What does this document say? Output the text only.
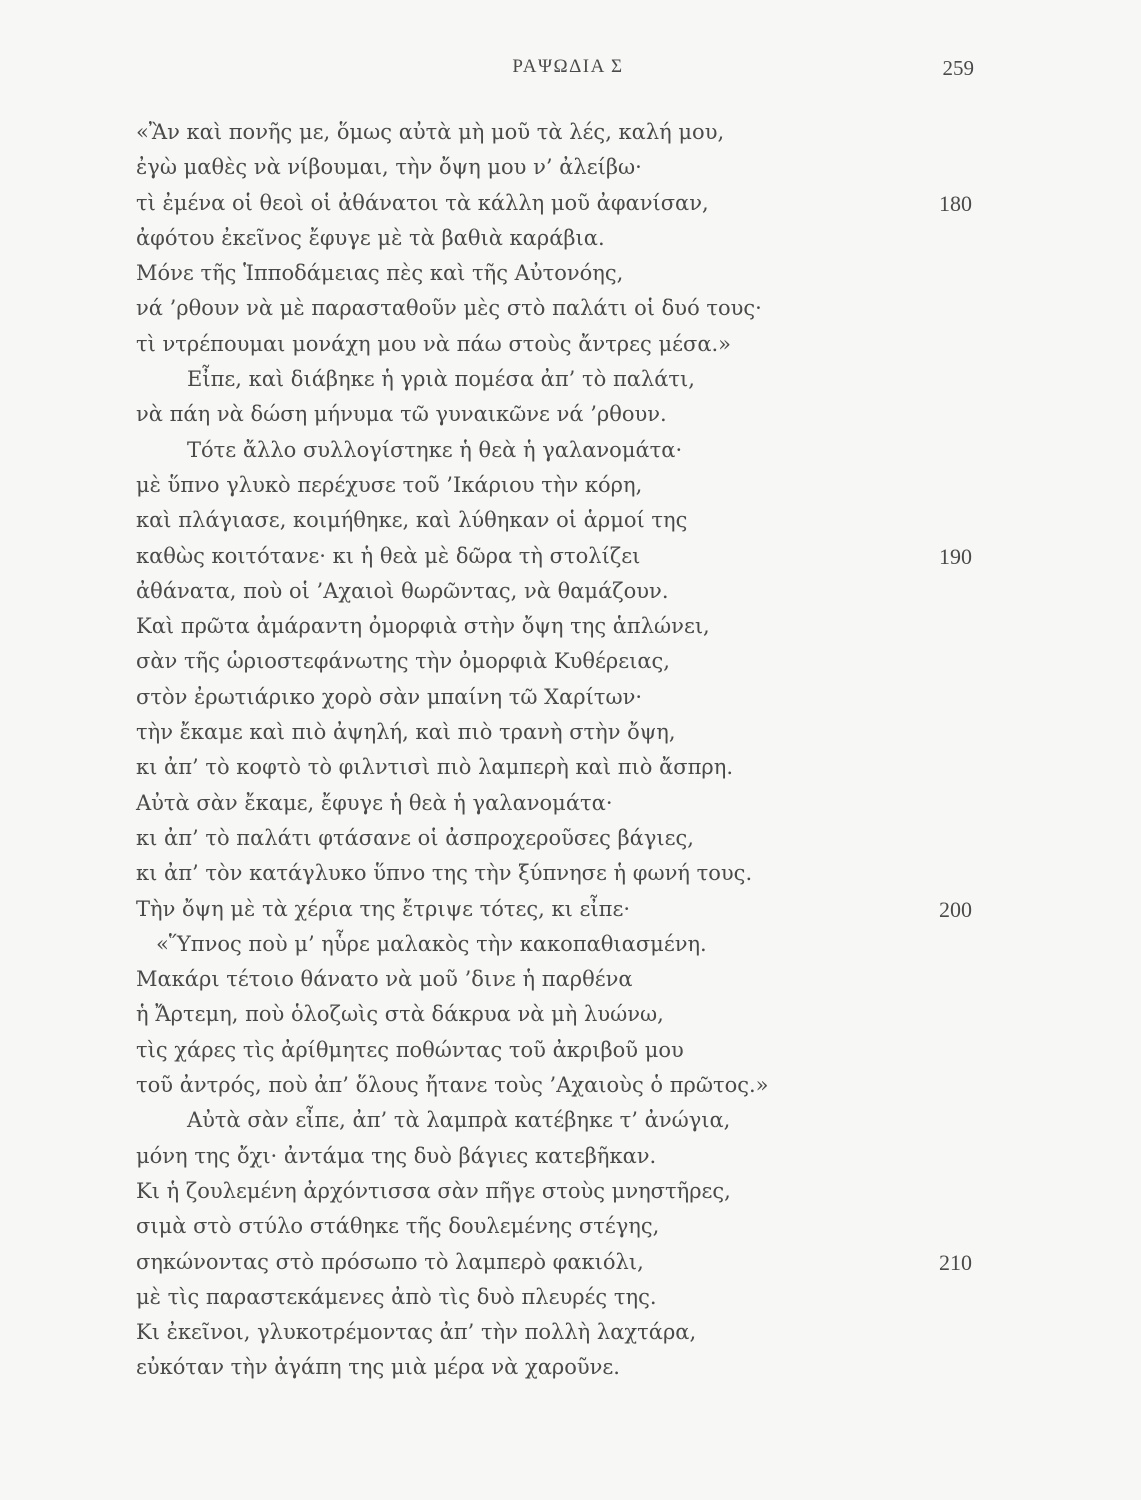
ΡΑΨΩΔΙΑ Σ	259
«Ἂν καὶ πονῆς με, ὅμως αὐτὰ μὴ μοῦ τὰ λές, καλή μου,
ἐγὼ μαθὲς νὰ νίβουμαι, τὴν ὄψη μου ν’ ἀλείβω·
τὶ ἐμένα οἱ θεοὶ οἱ ἀθάνατοι τὰ κάλλη μοῦ ἀφανίσαν,	180
ἀφότου ἐκεῖνος ἔφυγε μὲ τὰ βαθιὰ καράβια.
Μόνε τῆς Ἱπποδάμειας πὲς καὶ τῆς Αὐτονόης,
νά ’ρθουν νὰ μὲ παρασταθοῦν μὲς στὸ παλάτι οἱ δυό τους·
τὶ ντρέπουμαι μονάχη μου νὰ πάω στοὺς ἄντρες μέσα.»
Εἶπε, καὶ διάβηκε ἡ γριὰ πομέσα ἀπ’ τὸ παλάτι,
νὰ πάη νὰ δώση μήνυμα τῶ γυναικῶνε νά ’ρθουν.
Τότε ἄλλο συλλογίστηκε ἡ θεὰ ἡ γαλανομάτα·
μὲ ὕπνο γλυκὸ περέχυσε τοῦ ’Ικάριου τὴν κόρη,
καὶ πλάγιασε, κοιμήθηκε, καὶ λύθηκαν οἱ ἁρμοί της
καθὼς κοιτότανε· κι ἡ θεὰ μὲ δῶρα τὴ στολίζει	190
ἀθάνατα, ποὺ οἱ ’Αχαιοὶ θωρῶντας, νὰ θαμάζουν.
Καὶ πρῶτα ἀμάραντη ὀμορφιὰ στὴν ὄψη της ἁπλώνει,
σὰν τῆς ὡριοστεφάνωτης τὴν ὀμορφιὰ Κυθέρειας,
στὸν ἐρωτιάρικο χορὸ σὰν μπαίνη τῶ Χαρίτων·
τὴν ἔκαμε καὶ πιὸ ἀψηλή, καὶ πιὸ τρανὴ στὴν ὄψη,
κι ἀπ’ τὸ κοφτὸ τὸ φιλντισὶ πιὸ λαμπερὴ καὶ πιὸ ἄσπρη.
Αὐτὰ σὰν ἔκαμε, ἔφυγε ἡ θεὰ ἡ γαλανομάτα·
κι ἀπ’ τὸ παλάτι φτάσανε οἱ ἀσπροχεροῦσες βάγιες,
κι ἀπ’ τὸν κατάγλυκο ὕπνο της τὴν ξύπνησε ἡ φωνή τους.
Τὴν ὄψη μὲ τὰ χέρια της ἔτριψε τότες, κι εἶπε·	200
«Ὕπνος ποὺ μ’ ηὗρε μαλακὸς τὴν κακοπαθιασμένη.
Μακάρι τέτοιο θάνατο νὰ μοῦ ’δινε ἡ παρθένα
ἡ Ἄρτεμη, ποὺ ὁλοζωὶς στὰ δάκρυα νὰ μὴ λυώνω,
τὶς χάρες τὶς ἀρίθμητες ποθώντας τοῦ ἀκριβοῦ μου
τοῦ ἀντρός, ποὺ ἀπ’ ὅλους ἤτανε τοὺς ’Αχαιοὺς ὁ πρῶτος.»
Αὐτὰ σὰν εἶπε, ἀπ’ τὰ λαμπρὰ κατέβηκε τ’ ἀνώγια,
μόνη της ὄχι· ἀντάμα της δυὸ βάγιες κατεβῆκαν.
Κι ἡ ζουλεμένη ἀρχόντισσα σὰν πῆγε στοὺς μνηστῆρες,
σιμὰ στὸ στύλο στάθηκε τῆς δουλεμένης στέγης,
σηκώνοντας στὸ πρόσωπο τὸ λαμπερὸ φακιόλι,	210
μὲ τὶς παραστεκάμενες ἀπὸ τὶς δυὸ πλευρές της.
Κι ἐκεῖνοι, γλυκοτρέμοντας ἀπ’ τὴν πολλὴ λαχτάρα,
εὐκόταν τὴν ἀγάπη της μιὰ μέρα νὰ χαροῦνε.
